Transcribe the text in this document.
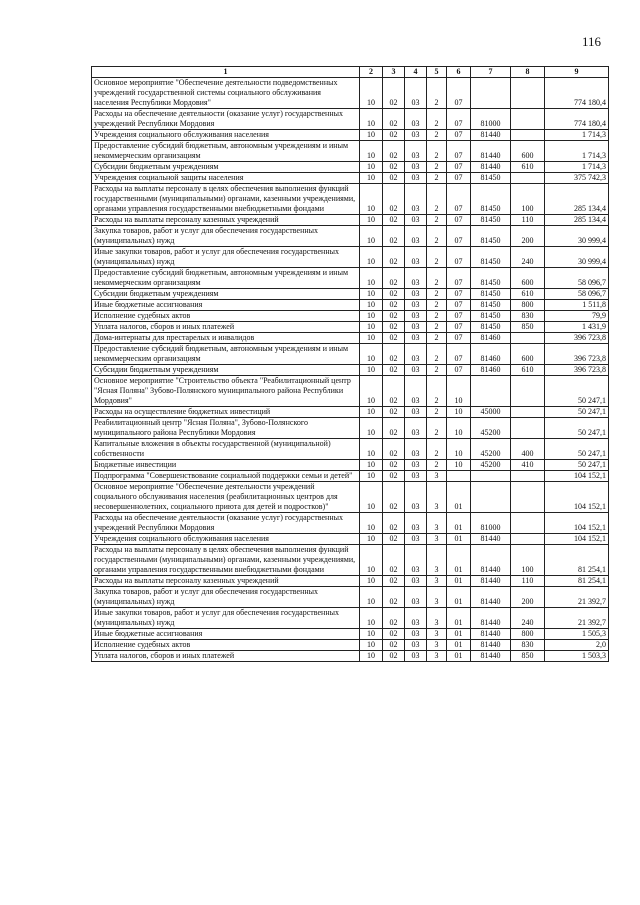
116
1	2	3	4	5	6	7	8	9
Основное мероприятие "Обеспечение деятельности подведомственных учреждений государственной системы социального обслуживания населения Республики Мордовия"	10	02	03	2	07			774 180,4
Расходы на обеспечение деятельности (оказание услуг) государственных учреждений Республики Мордовия	10	02	03	2	07	81000		774 180,4
Учреждения социального обслуживания населения	10	02	03	2	07	81440		1 714,3
Предоставление субсидий бюджетным, автономным учреждениям и иным некоммерческим организациям	10	02	03	2	07	81440	600	1 714,3
Субсидии бюджетным учреждениям	10	02	03	2	07	81440	610	1 714,3
Учреждения социальной защиты населения	10	02	03	2	07	81450		375 742,3
Расходы на выплаты персоналу в целях обеспечения выполнения функций государственными (муниципальными) органами, казенными учреждениями, органами управления государственными внебюджетными фондами	10	02	03	2	07	81450	100	285 134,4
Расходы на выплаты персоналу казенных учреждений	10	02	03	2	07	81450	110	285 134,4
Закупка товаров, работ и услуг для обеспечения государственных (муниципальных) нужд	10	02	03	2	07	81450	200	30 999,4
Иные закупки товаров, работ и услуг для обеспечения государственных (муниципальных) нужд	10	02	03	2	07	81450	240	30 999,4
Предоставление субсидий бюджетным, автономным учреждениям и иным некоммерческим организациям	10	02	03	2	07	81450	600	58 096,7
Субсидии бюджетным учреждениям	10	02	03	2	07	81450	610	58 096,7
Иные бюджетные ассигнования	10	02	03	2	07	81450	800	1 511,8
Исполнение судебных актов	10	02	03	2	07	81450	830	79,9
Уплата налогов, сборов и иных платежей	10	02	03	2	07	81450	850	1 431,9
Дома-интернаты для престарелых и инвалидов	10	02	03	2	07	81460		396 723,8
Предоставление субсидий бюджетным, автономным учреждениям и иным некоммерческим организациям	10	02	03	2	07	81460	600	396 723,8
Субсидии бюджетным учреждениям	10	02	03	2	07	81460	610	396 723,8
Основное мероприятие "Строительство объекта "Реабилитационный центр "Ясная Поляна" Зубово-Полянского муниципального района Республики Мордовия"	10	02	03	2	10			50 247,1
Расходы на осуществление бюджетных инвестиций	10	02	03	2	10	45000		50 247,1
Реабилитационный центр "Ясная Поляна", Зубово-Полянского муниципального района Республики Мордовия	10	02	03	2	10	45200		50 247,1
Капитальные вложения в объекты государственной (муниципальной) собственности	10	02	03	2	10	45200	400	50 247,1
Бюджетные инвестиции	10	02	03	2	10	45200	410	50 247,1
Подпрограмма "Совершенствование социальной поддержки семьи и детей"	10	02	03	3				104 152,1
Основное мероприятие "Обеспечение деятельности учреждений социального обслуживания населения (реабилитационных центров для несовершеннолетних, социального приюта для детей и подростков)"	10	02	03	3	01			104 152,1
Расходы на обеспечение деятельности (оказание услуг) государственных учреждений Республики Мордовия	10	02	03	3	01	81000		104 152,1
Учреждения социального обслуживания населения	10	02	03	3	01	81440		104 152,1
Расходы на выплаты персоналу в целях обеспечения выполнения функций государственными (муниципальными) органами, казенными учреждениями, органами управления государственными внебюджетными фондами	10	02	03	3	01	81440	100	81 254,1
Расходы на выплаты персоналу казенных учреждений	10	02	03	3	01	81440	110	81 254,1
Закупка товаров, работ и услуг для обеспечения государственных (муниципальных) нужд	10	02	03	3	01	81440	200	21 392,7
Иные закупки товаров, работ и услуг для обеспечения государственных (муниципальных) нужд	10	02	03	3	01	81440	240	21 392,7
Иные бюджетные ассигнования	10	02	03	3	01	81440	800	1 505,3
Исполнение судебных актов	10	02	03	3	01	81440	830	2,0
Уплата налогов, сборов и иных платежей	10	02	03	3	01	81440	850	1 503,3
